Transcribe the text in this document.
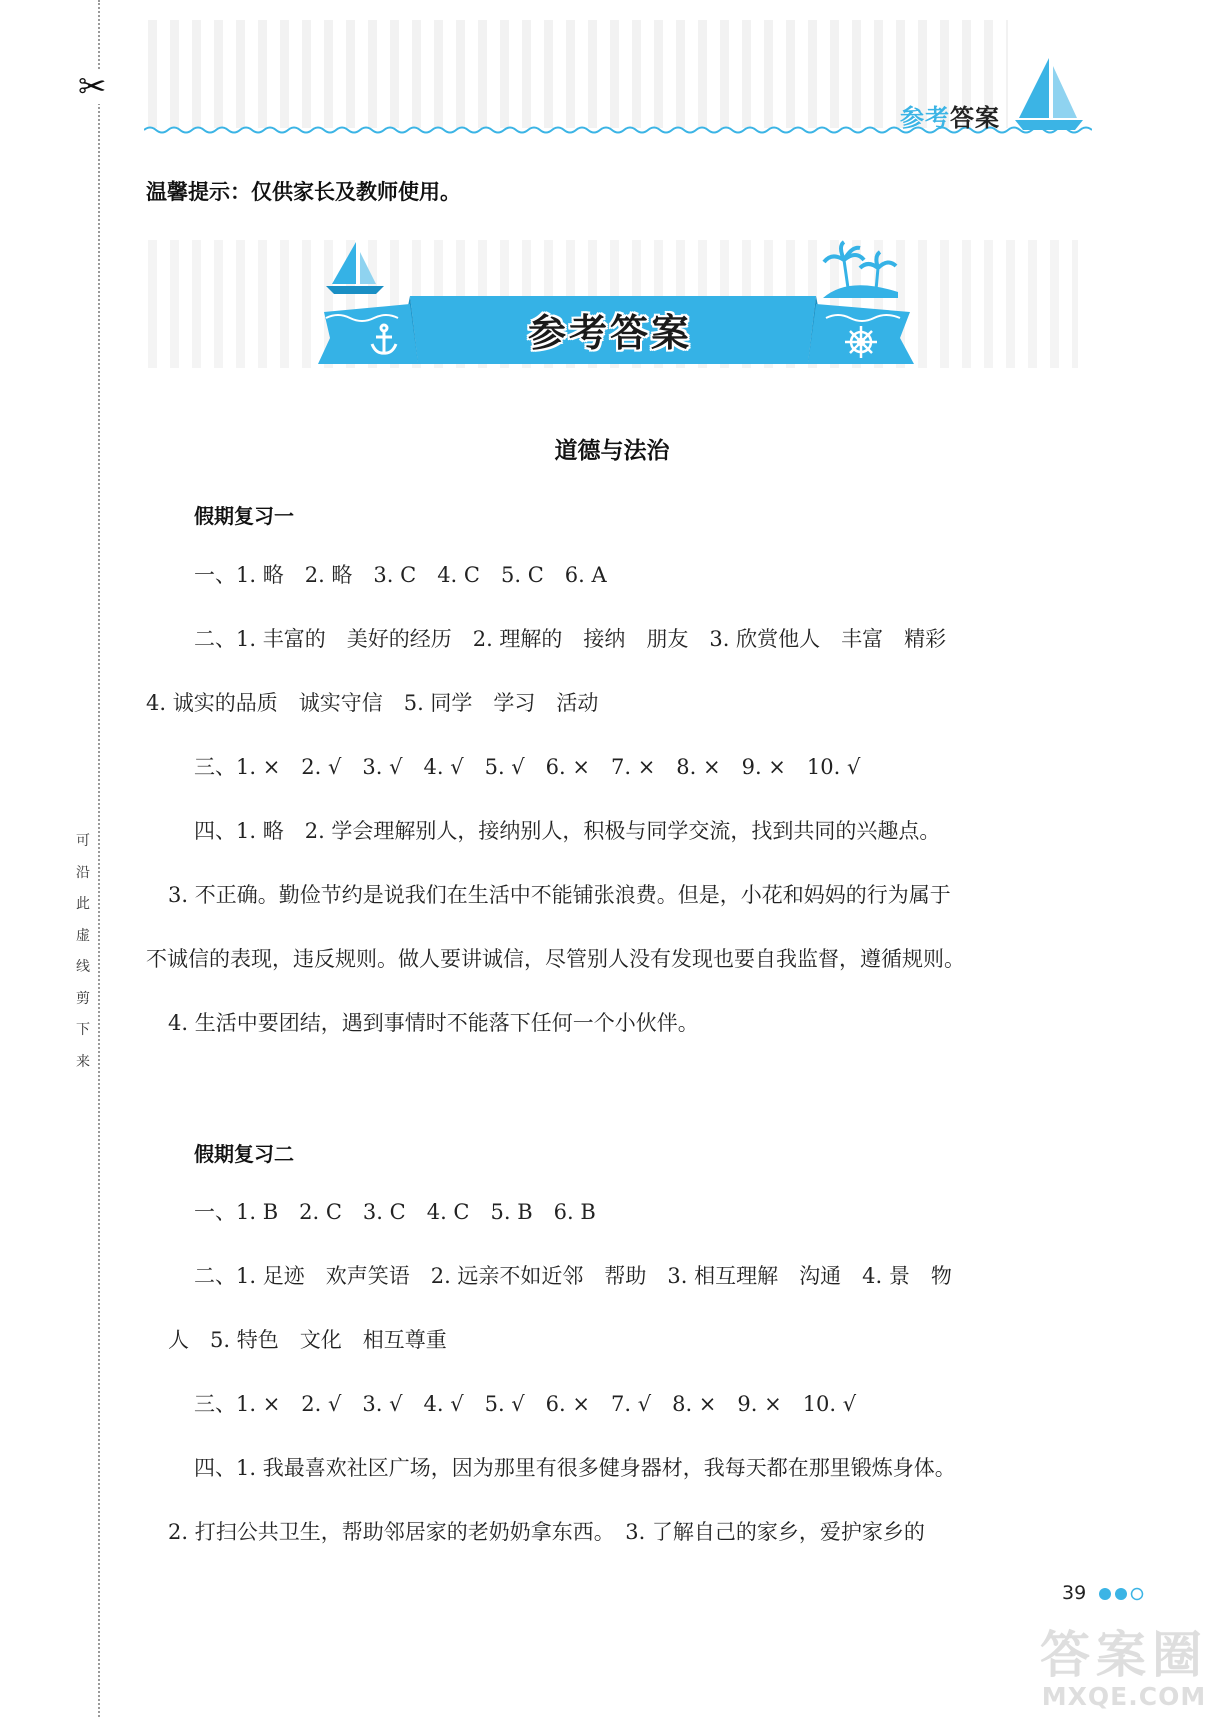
✂
可沿此虚线剪下来
参考答案
温馨提示：仅供家长及教师使用。
参考答案
道德与法治
假期复习一
一、1. 略　2. 略　3. C　4. C　5. C　6. A
二、1. 丰富的　美好的经历　2. 理解的　接纳　朋友　3. 欣赏他人　丰富　精彩
4. 诚实的品质　诚实守信　5. 同学　学习　活动
三、1. ×　2. √　3. √　4. √　5. √　6. ×　7. ×　8. ×　9. ×　10. √
四、1. 略　2. 学会理解别人，接纳别人，积极与同学交流，找到共同的兴趣点。
3. 不正确。勤俭节约是说我们在生活中不能铺张浪费。但是，小花和妈妈的行为属于
不诚信的表现，违反规则。做人要讲诚信，尽管别人没有发现也要自我监督，遵循规则。
4. 生活中要团结，遇到事情时不能落下任何一个小伙伴。
假期复习二
一、1. B　2. C　3. C　4. C　5. B　6. B
二、1. 足迹　欢声笑语　2. 远亲不如近邻　帮助　3. 相互理解　沟通　4. 景　物
人　5. 特色　文化　相互尊重
三、1. ×　2. √　3. √　4. √　5. √　6. ×　7. √　8. ×　9. ×　10. √
四、1. 我最喜欢社区广场，因为那里有很多健身器材，我每天都在那里锻炼身体。
2. 打扫公共卫生，帮助邻居家的老奶奶拿东西。　3. 了解自己的家乡，爱护家乡的
39
答案圈
MXQE.COM
